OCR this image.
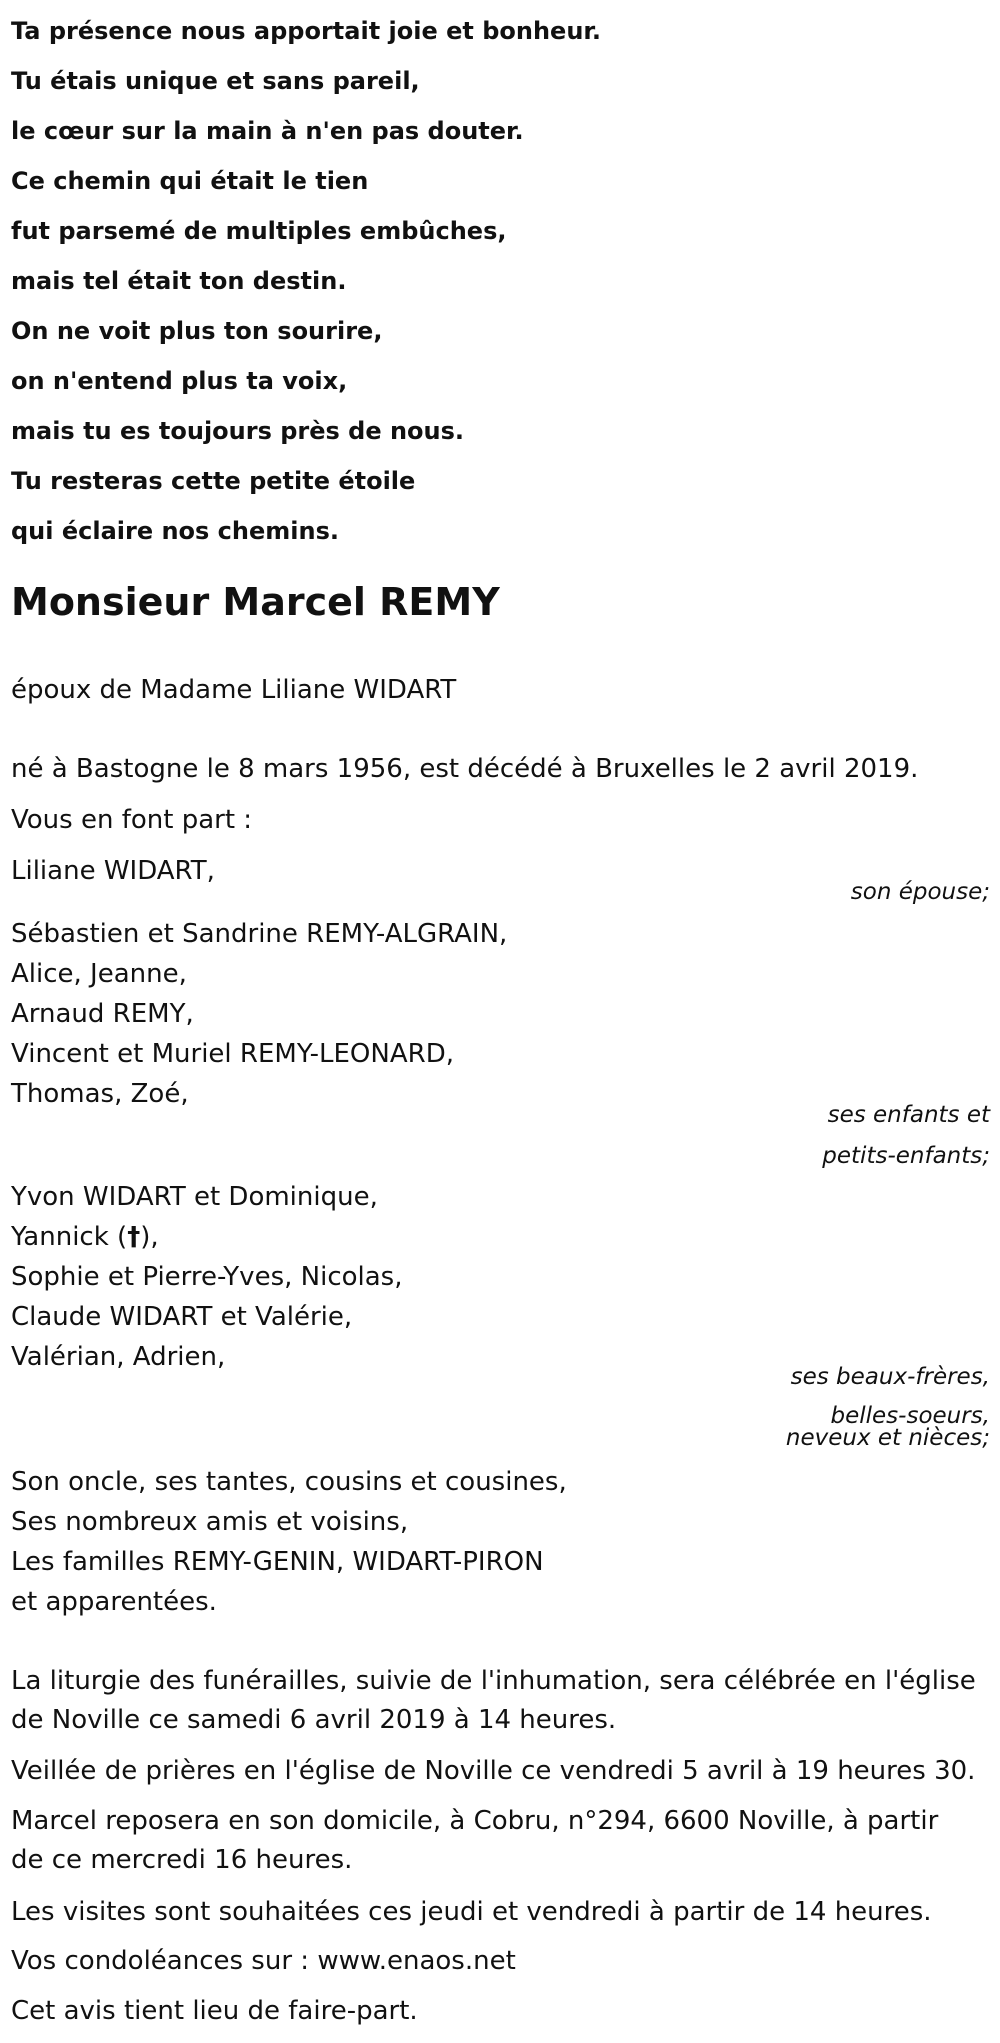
Ta présence nous apportait joie et bonheur.
Tu étais unique et sans pareil,
le cœur sur la main à n'en pas douter.
Ce chemin qui était le tien
fut parsemé de multiples embûches,
mais tel était ton destin.
On ne voit plus ton sourire,
on n'entend plus ta voix,
mais tu es toujours près de nous.
Tu resteras cette petite étoile
qui éclaire nos chemins.
Monsieur Marcel REMY

époux de Madame Liliane WIDART

né à Bastogne le 8 mars 1956, est décédé à Bruxelles le 2 avril 2019.

Vous en font part :

Liliane WIDART,

son épouse;

Sébastien et Sandrine REMY-ALGRAIN,
Alice, Jeanne,
Arnaud REMY,
Vincent et Muriel REMY-LEONARD,
Thomas, Zoé,

ses enfants et

petits-enfants;

Yvon WIDART et Dominique,
Yannick (†),
Sophie et Pierre-Yves, Nicolas,
Claude WIDART et Valérie,
Valérian, Adrien,

ses beaux-frères,

belles-soeurs,

neveux et nièces;

Son oncle, ses tantes, cousins et cousines,
Ses nombreux amis et voisins,
Les familles REMY-GENIN, WIDART-PIRON
et apparentées.

La liturgie des funérailles, suivie de l'inhumation, sera célébrée en l'église

de Noville ce samedi 6 avril 2019 à 14 heures.

Veillée de prières en l'église de Noville ce vendredi 5 avril à 19 heures 30.

Marcel reposera en son domicile, à Cobru, n°294, 6600 Noville, à partir

de ce mercredi 16 heures.

Les visites sont souhaitées ces jeudi et vendredi à partir de 14 heures.

Vos condoléances sur : www.enaos.net

Cet avis tient lieu de faire-part.
